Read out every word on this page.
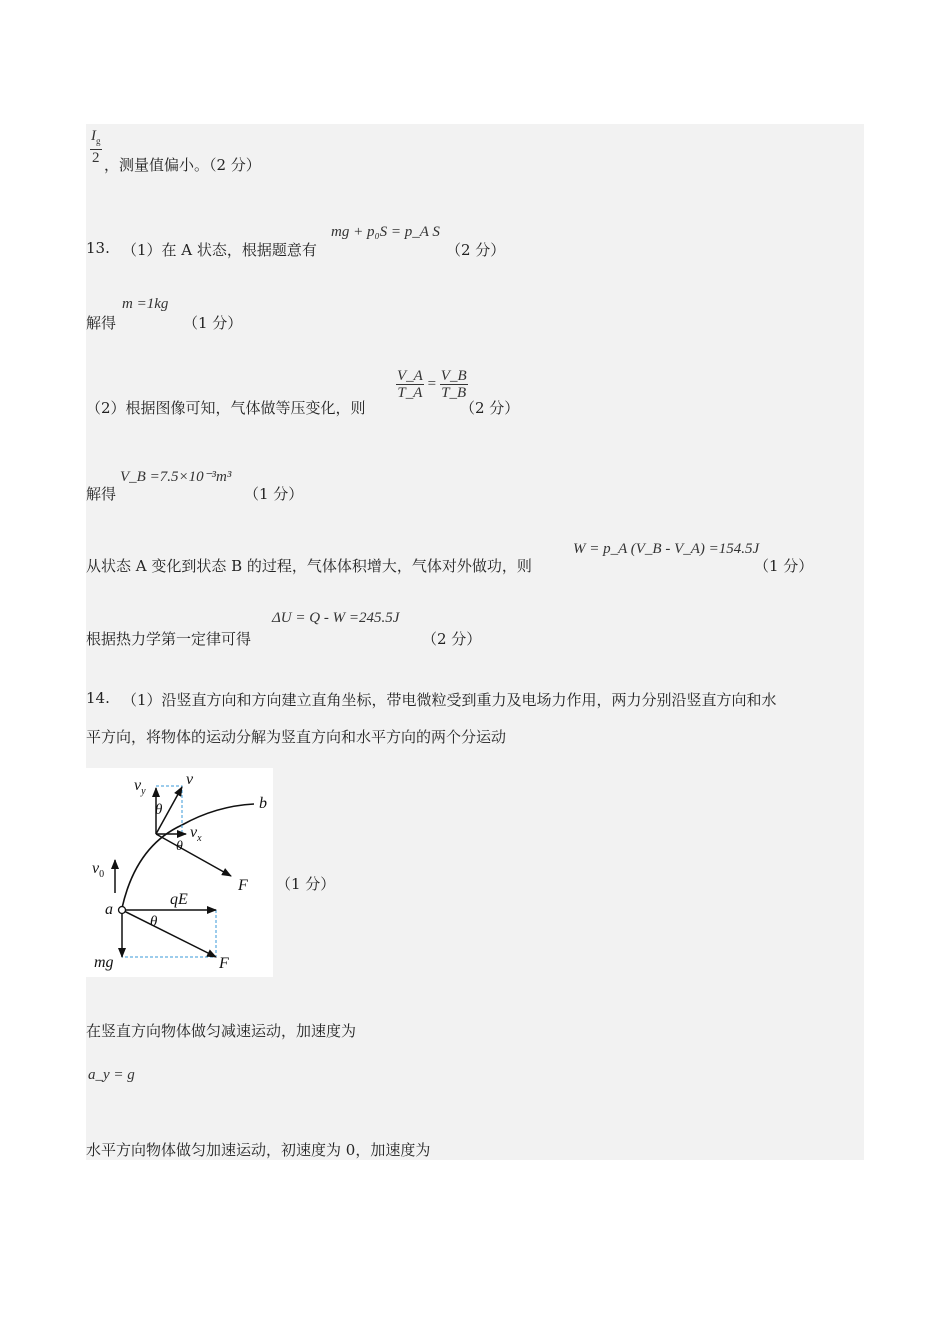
$\frac{I_g}{2}$ ，测量值偏小。（2 分）
13. （1）在 A 状态，根据题意有
mg + p₀S = p_A S
（2 分）
解得
m =1kg
（1 分）
（2）根据图像可知，气体做等压变化，则
$\frac{V\_A}{T\_A} = \frac{V\_B}{T\_B}$
（2 分）
解得
V_B =7.5×10⁻³m³
（1 分）
从状态 A 变化到状态 B 的过程，气体体积增大，气体对外做功，则
W = p_A (V_B - V_A) =154.5J
（1 分）
根据热力学第一定律可得
ΔU = Q - W =245.5J
（2 分）
14. （1）沿竖直方向和方向建立直角坐标，带电微粒受到重力及电场力作用，两力分别沿竖直方向和水
平方向，将物体的运动分解为竖直方向和水平方向的两个分运动
$v_y$
v
θ	b
$v_x$
θ
$v_0$
F
qE
a
θ
mg	F
（1 分）
在竖直方向物体做匀减速运动，加速度为
a_y = g
水平方向物体做匀加速运动，初速度为 0，加速度为
